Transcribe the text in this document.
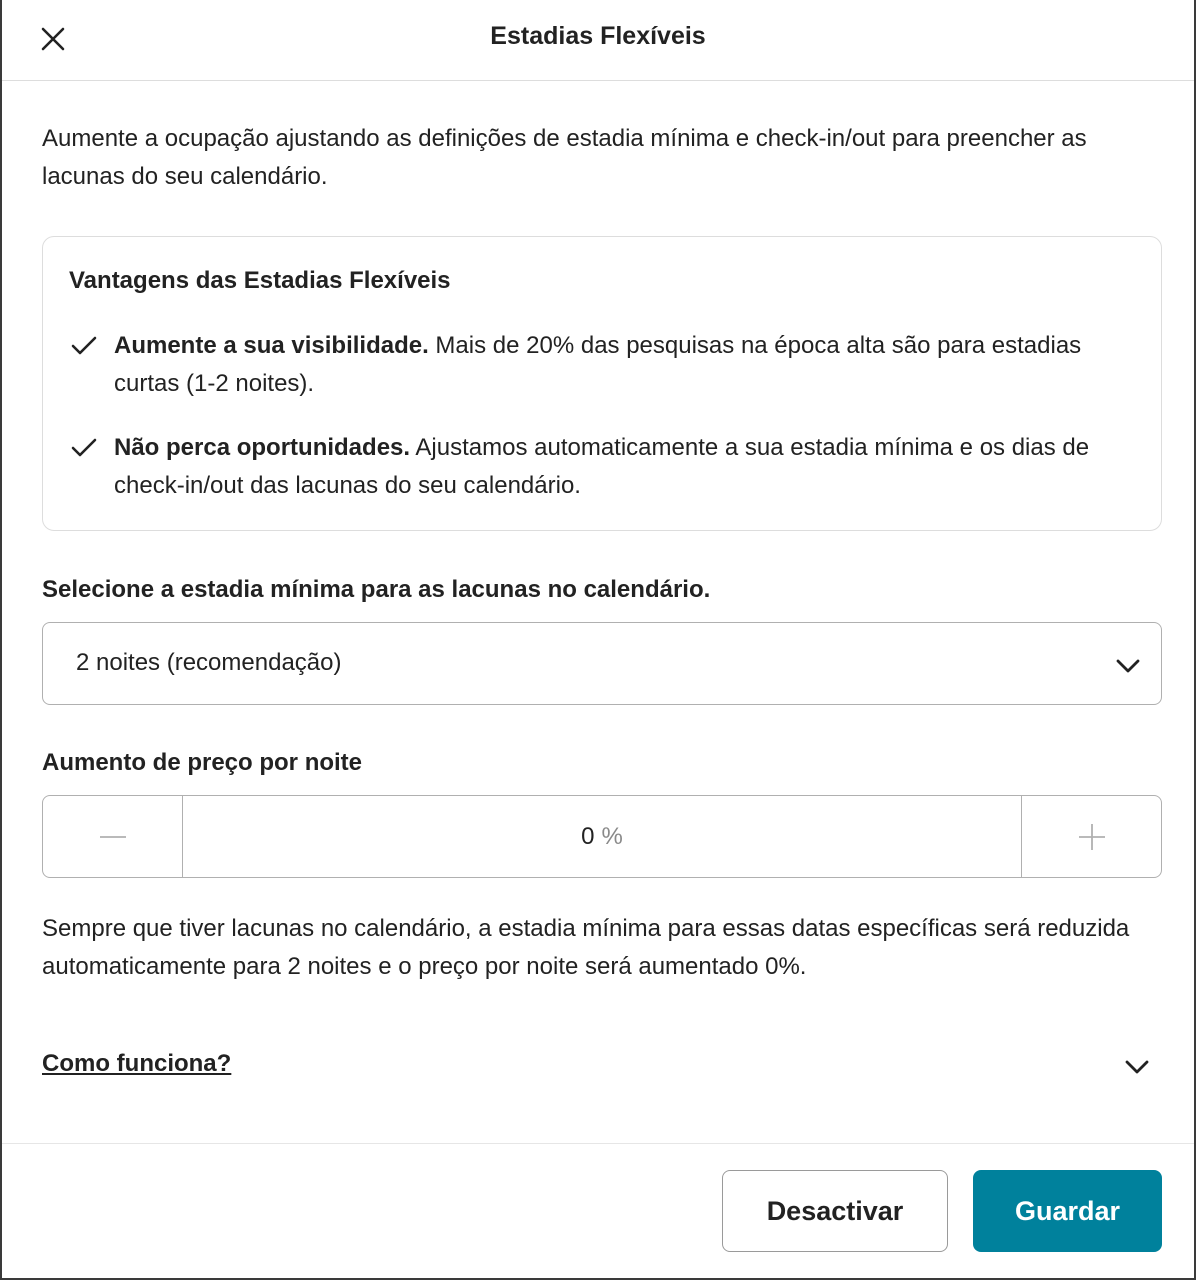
Estadias Flexíveis
Aumente a ocupação ajustando as definições de estadia mínima e check-in/out para preencher as lacunas do seu calendário.
Vantagens das Estadias Flexíveis
Aumente a sua visibilidade. Mais de 20% das pesquisas na época alta são para estadias curtas (1-2 noites).
Não perca oportunidades. Ajustamos automaticamente a sua estadia mínima e os dias de check-in/out das lacunas do seu calendário.
Selecione a estadia mínima para as lacunas no calendário.
2 noites (recomendação)
Aumento de preço por noite
0 %
Sempre que tiver lacunas no calendário, a estadia mínima para essas datas específicas será reduzida automaticamente para 2 noites e o preço por noite será aumentado 0%.
Como funciona?
Desactivar	Guardar
